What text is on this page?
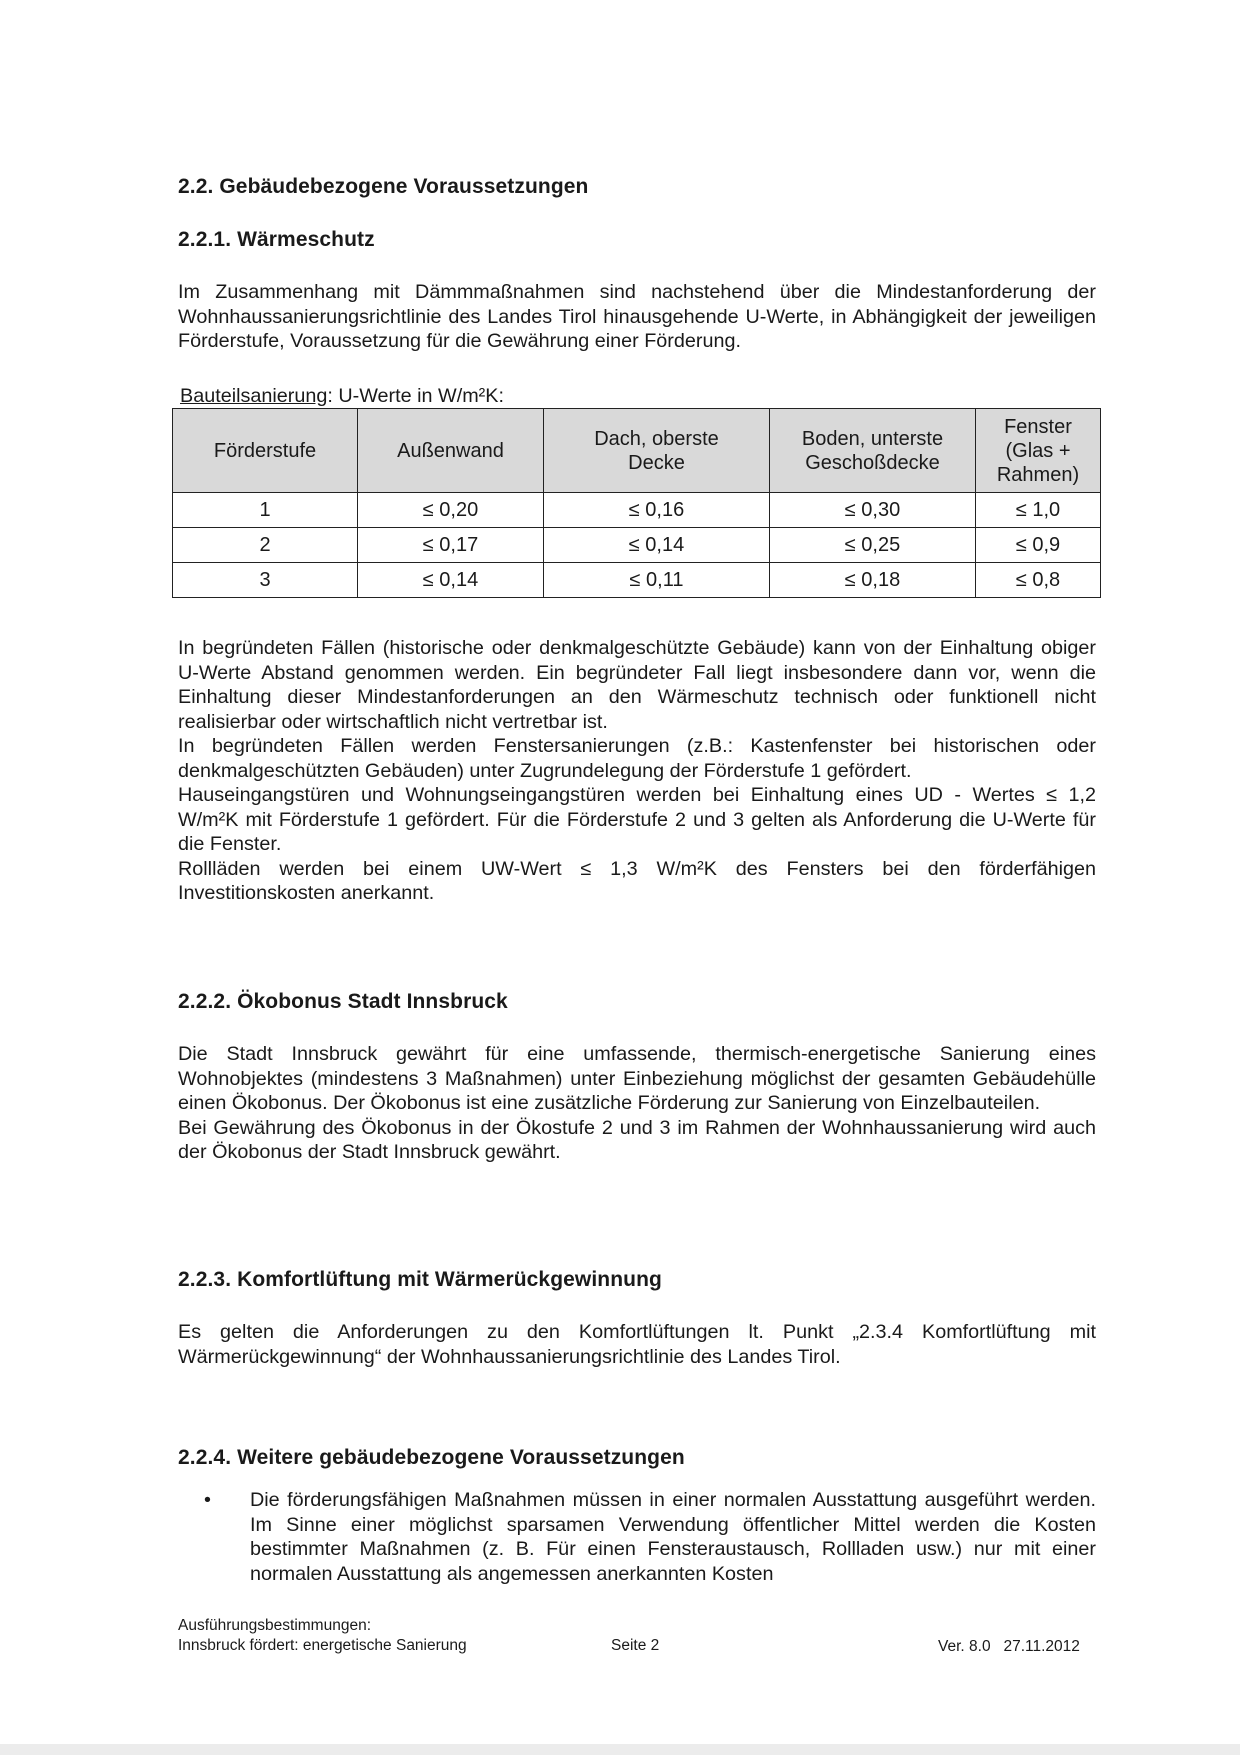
2.2. Gebäudebezogene Voraussetzungen
2.2.1. Wärmeschutz

Im Zusammenhang mit Dämmmaßnahmen sind nachstehend über die Mindestanforderung der Wohnhaussanierungsrichtlinie des Landes Tirol hinausgehende U-Werte, in Abhängigkeit der jeweiligen Förderstufe, Voraussetzung für die Gewährung einer Förderung.

Bauteilsanierung: U-Werte in W/m²K:
Förderstufe	Außenwand	Dach, oberste Decke	Boden, unterste Geschoßdecke	Fenster (Glas + Rahmen)
1	≤ 0,20	≤ 0,16	≤ 0,30	≤ 1,0
2	≤ 0,17	≤ 0,14	≤ 0,25	≤ 0,9
3	≤ 0,14	≤ 0,11	≤ 0,18	≤ 0,8
In begründeten Fällen (historische oder denkmalgeschützte Gebäude) kann von der Einhaltung obiger U-Werte Abstand genommen werden. Ein begründeter Fall liegt insbesondere dann vor, wenn die Einhaltung dieser Mindestanforderungen an den Wärmeschutz technisch oder funktionell nicht realisierbar oder wirtschaftlich nicht vertretbar ist.
In begründeten Fällen werden Fenstersanierungen (z.B.: Kastenfenster bei historischen oder denkmalgeschützten Gebäuden) unter Zugrundelegung der Förderstufe 1 gefördert.
Hauseingangstüren und Wohnungseingangstüren werden bei Einhaltung eines UD - Wertes ≤ 1,2 W/m²K mit Förderstufe 1 gefördert. Für die Förderstufe 2 und 3 gelten als Anforderung die U-Werte für die Fenster.
Rollläden werden bei einem UW-Wert ≤ 1,3 W/m²K des Fensters bei den förderfähigen Investitionskosten anerkannt.
2.2.2. Ökobonus Stadt Innsbruck
Die Stadt Innsbruck gewährt für eine umfassende, thermisch-energetische Sanierung eines Wohnobjektes (mindestens 3 Maßnahmen) unter Einbeziehung möglichst der gesamten Gebäudehülle einen Ökobonus. Der Ökobonus ist eine zusätzliche Förderung zur Sanierung von Einzelbauteilen.
Bei Gewährung des Ökobonus in der Ökostufe 2 und 3 im Rahmen der Wohnhaussanierung wird auch der Ökobonus der Stadt Innsbruck gewährt.
2.2.3. Komfortlüftung mit Wärmerückgewinnung

Es gelten die Anforderungen zu den Komfortlüftungen lt. Punkt „2.3.4 Komfortlüftung mit Wärmerückgewinnung“ der Wohnhaussanierungsrichtlinie des Landes Tirol.

2.2.4. Weitere gebäudebezogene Voraussetzungen
• Die förderungsfähigen Maßnahmen müssen in einer normalen Ausstattung ausgeführt werden. Im Sinne einer möglichst sparsamen Verwendung öffentlicher Mittel werden die Kosten bestimmter Maßnahmen (z. B. Für einen Fensteraustausch, Rollladen usw.) nur mit einer normalen Ausstattung als angemessen anerkannten Kosten
Ausführungsbestimmungen:
Innsbruck fördert: energetische Sanierung	Seite 2	Ver. 8.0   27.11.2012
